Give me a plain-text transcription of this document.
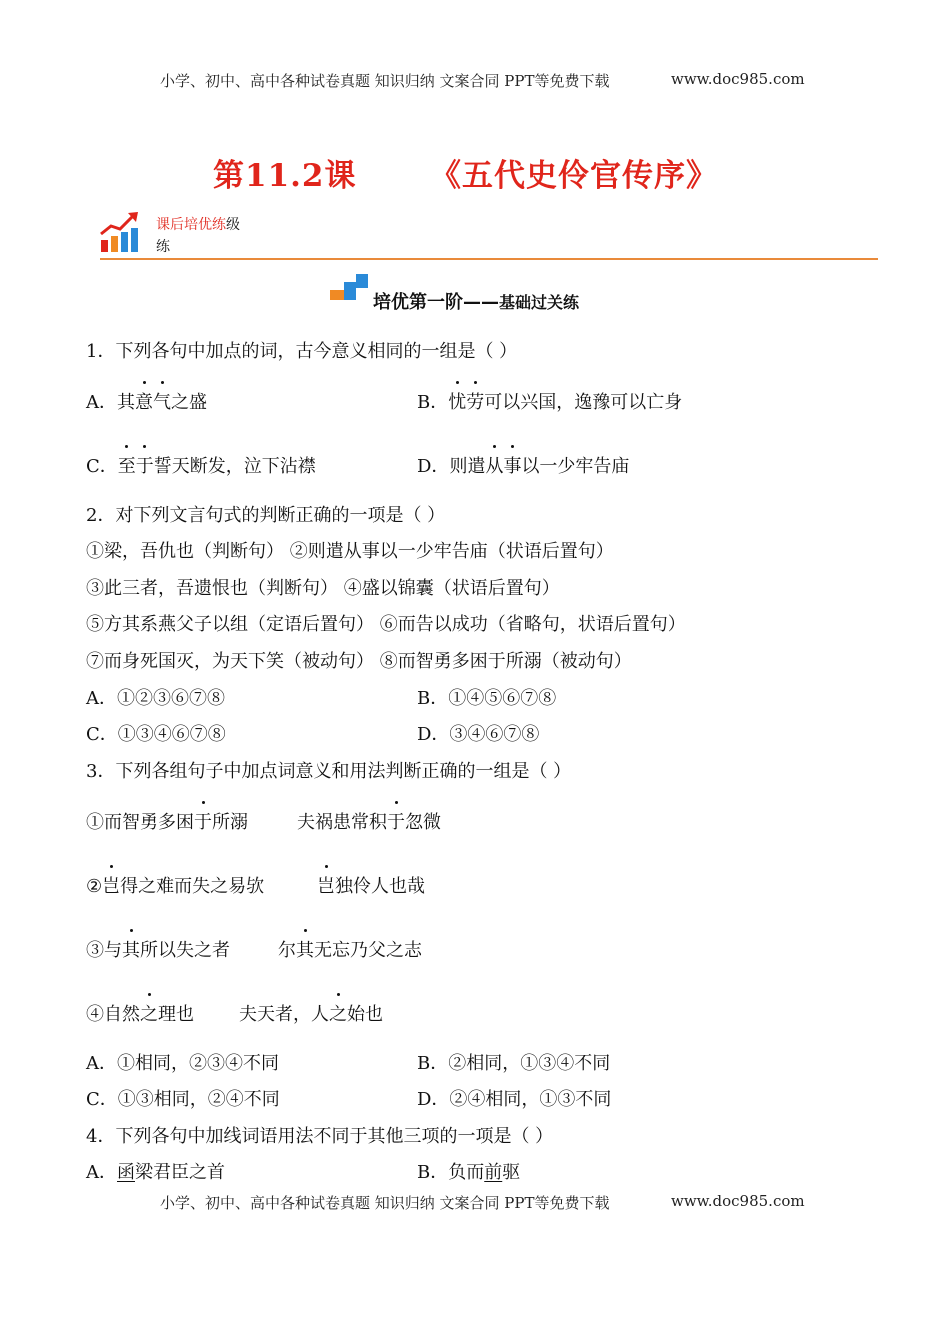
小学、初中、高中各种试卷真题 知识归纳 文案合同 PPT等免费下载	www.doc985.com
第11.2课 《五代史伶官传序》
课后培优练级
练
培优第一阶——基础过关练
1．下列各句中加点的词，古今意义相同的一组是（ ）
A．其意气之盛	B．忧劳可以兴国，逸豫可以亡身
C．至于誓天断发，泣下沾襟	D．则遣从事以一少牢告庙
2．对下列文言句式的判断正确的一项是（ ）
①梁，吾仇也（判断句） ②则遣从事以一少牢告庙（状语后置句）
③此三者，吾遗恨也（判断句） ④盛以锦囊（状语后置句）
⑤方其系燕父子以组（定语后置句） ⑥而告以成功（省略句，状语后置句）
⑦而身死国灭，为天下笑（被动句） ⑧而智勇多困于所溺（被动句）
A．①②③⑥⑦⑧	B．①④⑤⑥⑦⑧
C．①③④⑥⑦⑧	D．③④⑥⑦⑧
3．下列各组句子中加点词意义和用法判断正确的一组是（ ）
①而智勇多困于所溺	夫祸患常积于忽微
②岂得之难而失之易欤	岂独伶人也哉
③与其所以失之者	尔其无忘乃父之志
④自然之理也	夫天者，人之始也
A．①相同，②③④不同	B．②相同，①③④不同
C．①③相同，②④不同	D．②④相同，①③不同
4．下列各句中加线词语用法不同于其他三项的一项是（ ）
A．函梁君臣之首	B．负而前驱
小学、初中、高中各种试卷真题 知识归纳 文案合同 PPT等免费下载	www.doc985.com
